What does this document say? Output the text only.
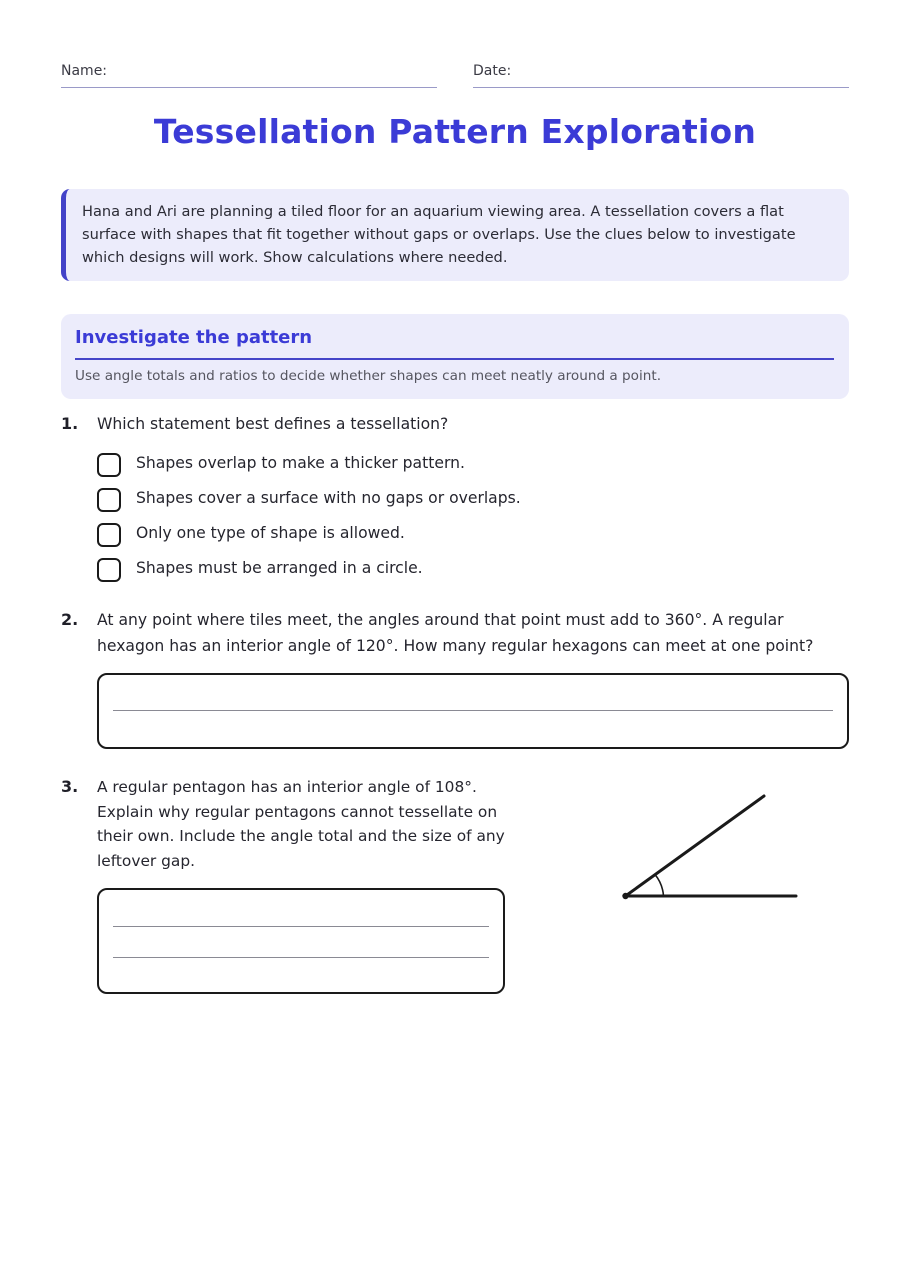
Name:	Date:
Tessellation Pattern Exploration
Hana and Ari are planning a tiled floor for an aquarium viewing area. A tessellation covers a flat surface with shapes that fit together without gaps or overlaps. Use the clues below to investigate which designs will work. Show calculations where needed.
Investigate the pattern
Use angle totals and ratios to decide whether shapes can meet neatly around a point.
1. Which statement best defines a tessellation?
Shapes overlap to make a thicker pattern.
Shapes cover a surface with no gaps or overlaps.
Only one type of shape is allowed.
Shapes must be arranged in a circle.
2. At any point where tiles meet, the angles around that point must add to 360°. A regular hexagon has an interior angle of 120°. How many regular hexagons can meet at one point?
3. A regular pentagon has an interior angle of 108°. Explain why regular pentagons cannot tessellate on their own. Include the angle total and the size of any leftover gap.
